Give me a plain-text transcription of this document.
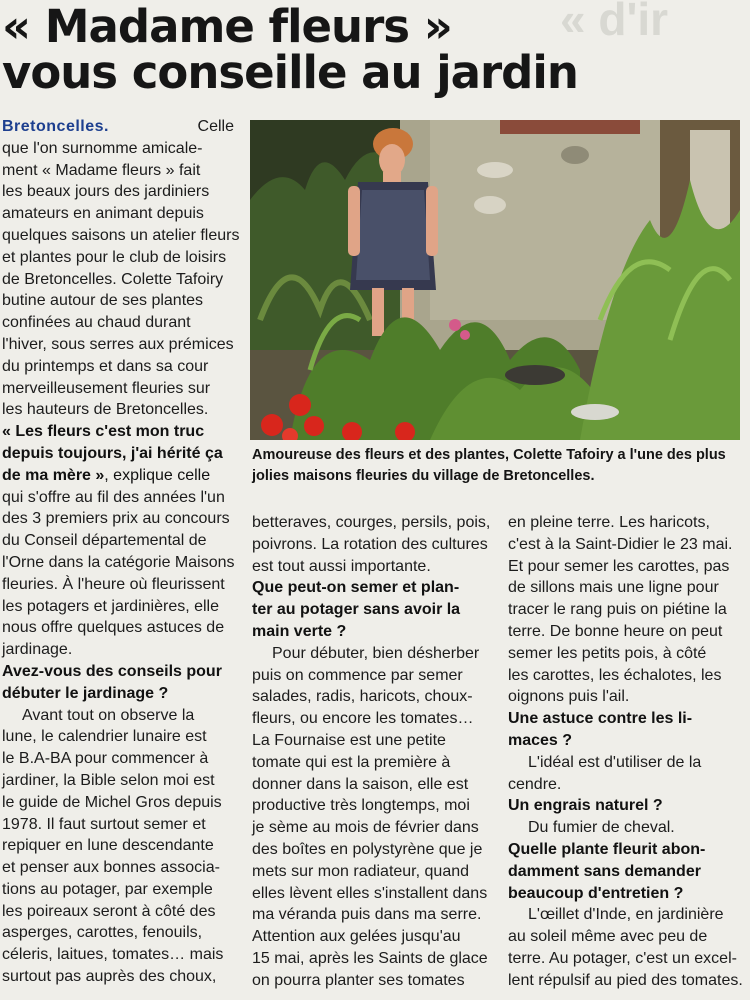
« d'ir
« Madame fleurs »
vous conseille au jardin
Bretoncelles.	Celle
que l'on surnomme amicale-
ment « Madame fleurs » fait
les beaux jours des jardiniers
amateurs en animant depuis
quelques saisons un atelier fleurs
et plantes pour le club de loisirs
de Bretoncelles. Colette Tafoiry
butine autour de ses plantes
confinées au chaud durant
l'hiver, sous serres aux prémices
du printemps et dans sa cour
merveilleusement fleuries sur
les hauteurs de Bretoncelles.
« Les fleurs c'est mon truc
depuis toujours, j'ai hérité ça
de ma mère », explique celle
qui s'offre au fil des années l'un
des 3 premiers prix au concours
du Conseil départemental de
l'Orne dans la catégorie Maisons
fleuries. À l'heure où fleurissent
les potagers et jardinières, elle
nous offre quelques astuces de
jardinage.
Avez-vous des conseils pour
débuter le jardinage ?
Avant tout on observe la
lune, le calendrier lunaire est
le B.A-BA pour commencer à
jardiner, la Bible selon moi est
le guide de Michel Gros depuis
1978. Il faut surtout semer et
repiquer en lune descendante
et penser aux bonnes associa-
tions au potager, par exemple
les poireaux seront à côté des
asperges, carottes, fenouils,
céleris, laitues, tomates… mais
surtout pas auprès des choux,
Amoureuse des fleurs et des plantes, Colette Tafoiry a l'une des plus jolies maisons fleuries du village de Bretoncelles.
betteraves, courges, persils, pois,
poivrons. La rotation des cultures
est tout aussi importante.
Que peut-on semer et plan-
ter au potager sans avoir la
main verte ?
Pour débuter, bien désherber
puis on commence par semer
salades, radis, haricots, choux-
fleurs, ou encore les tomates…
La Fournaise est une petite
tomate qui est la première à
donner dans la saison, elle est
productive très longtemps, moi
je sème au mois de février dans
des boîtes en polystyrène que je
mets sur mon radiateur, quand
elles lèvent elles s'installent dans
ma véranda puis dans ma serre.
Attention aux gelées jusqu'au
15 mai, après les Saints de glace
on pourra planter ses tomates
en pleine terre. Les haricots,
c'est à la Saint-Didier le 23 mai.
Et pour semer les carottes, pas
de sillons mais une ligne pour
tracer le rang puis on piétine la
terre. De bonne heure on peut
semer les petits pois, à côté
les carottes, les échalotes, les
oignons puis l'ail.
Une astuce contre les li-
maces ?
L'idéal est d'utiliser de la
cendre.
Un engrais naturel ?
Du fumier de cheval.
Quelle plante fleurit abon-
damment sans demander
beaucoup d'entretien ?
L'œillet d'Inde, en jardinière
au soleil même avec peu de
terre. Au potager, c'est un excel-
lent répulsif au pied des tomates.
